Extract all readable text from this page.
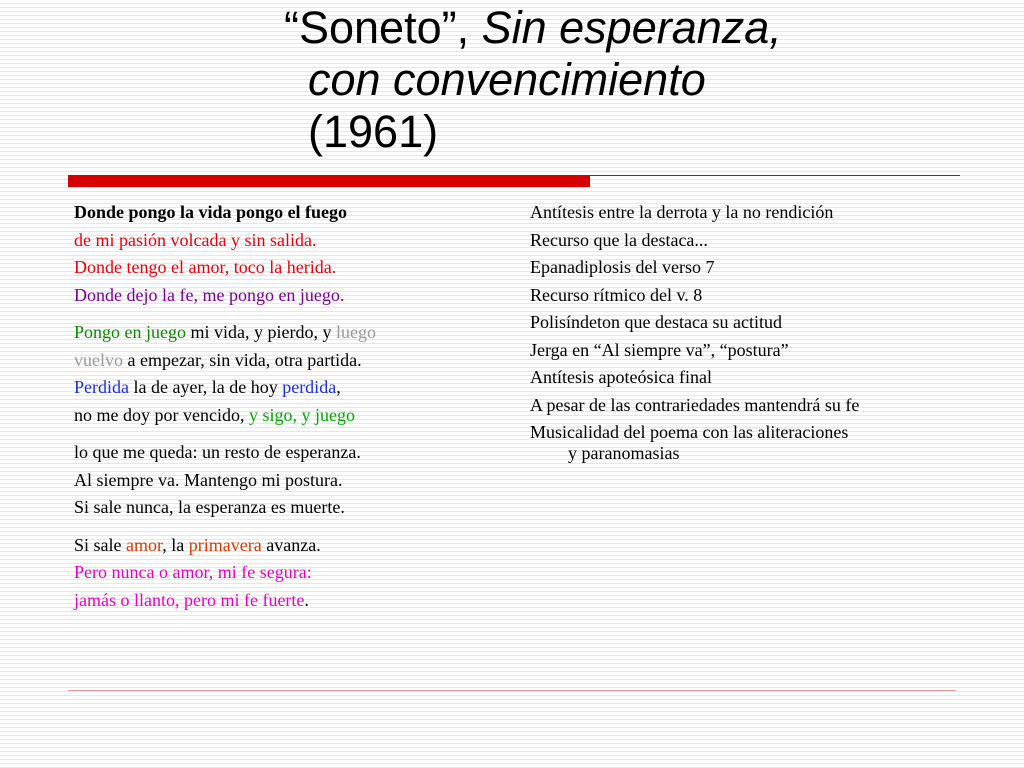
“Soneto”, Sin esperanza,
con convencimiento
(1961)
Donde pongo la vida pongo el fuego
de mi pasión volcada y sin salida.
Donde tengo el amor, toco la herida.
Donde dejo la fe, me pongo en juego.
Pongo en juego mi vida, y pierdo, y luego
vuelvo a empezar, sin vida, otra partida.
Perdida la de ayer, la de hoy perdida,
no me doy por vencido, y sigo, y juego
lo que me queda: un resto de esperanza.
Al siempre va. Mantengo mi postura.
Si sale nunca, la esperanza es muerte.
Si sale amor, la primavera avanza.
Pero nunca o amor, mi fe segura:
jamás o llanto, pero mi fe fuerte.
Antítesis entre la derrota y la no rendición
Recurso que la destaca...
Epanadiplosis del verso 7
Recurso rítmico del v. 8
Polisíndeton que destaca su actitud
Jerga en “Al siempre va”, “postura”
Antítesis apoteósica final
A pesar de las contrariedades mantendrá su fe
Musicalidad del poema con las aliteraciones
y paranomasias
